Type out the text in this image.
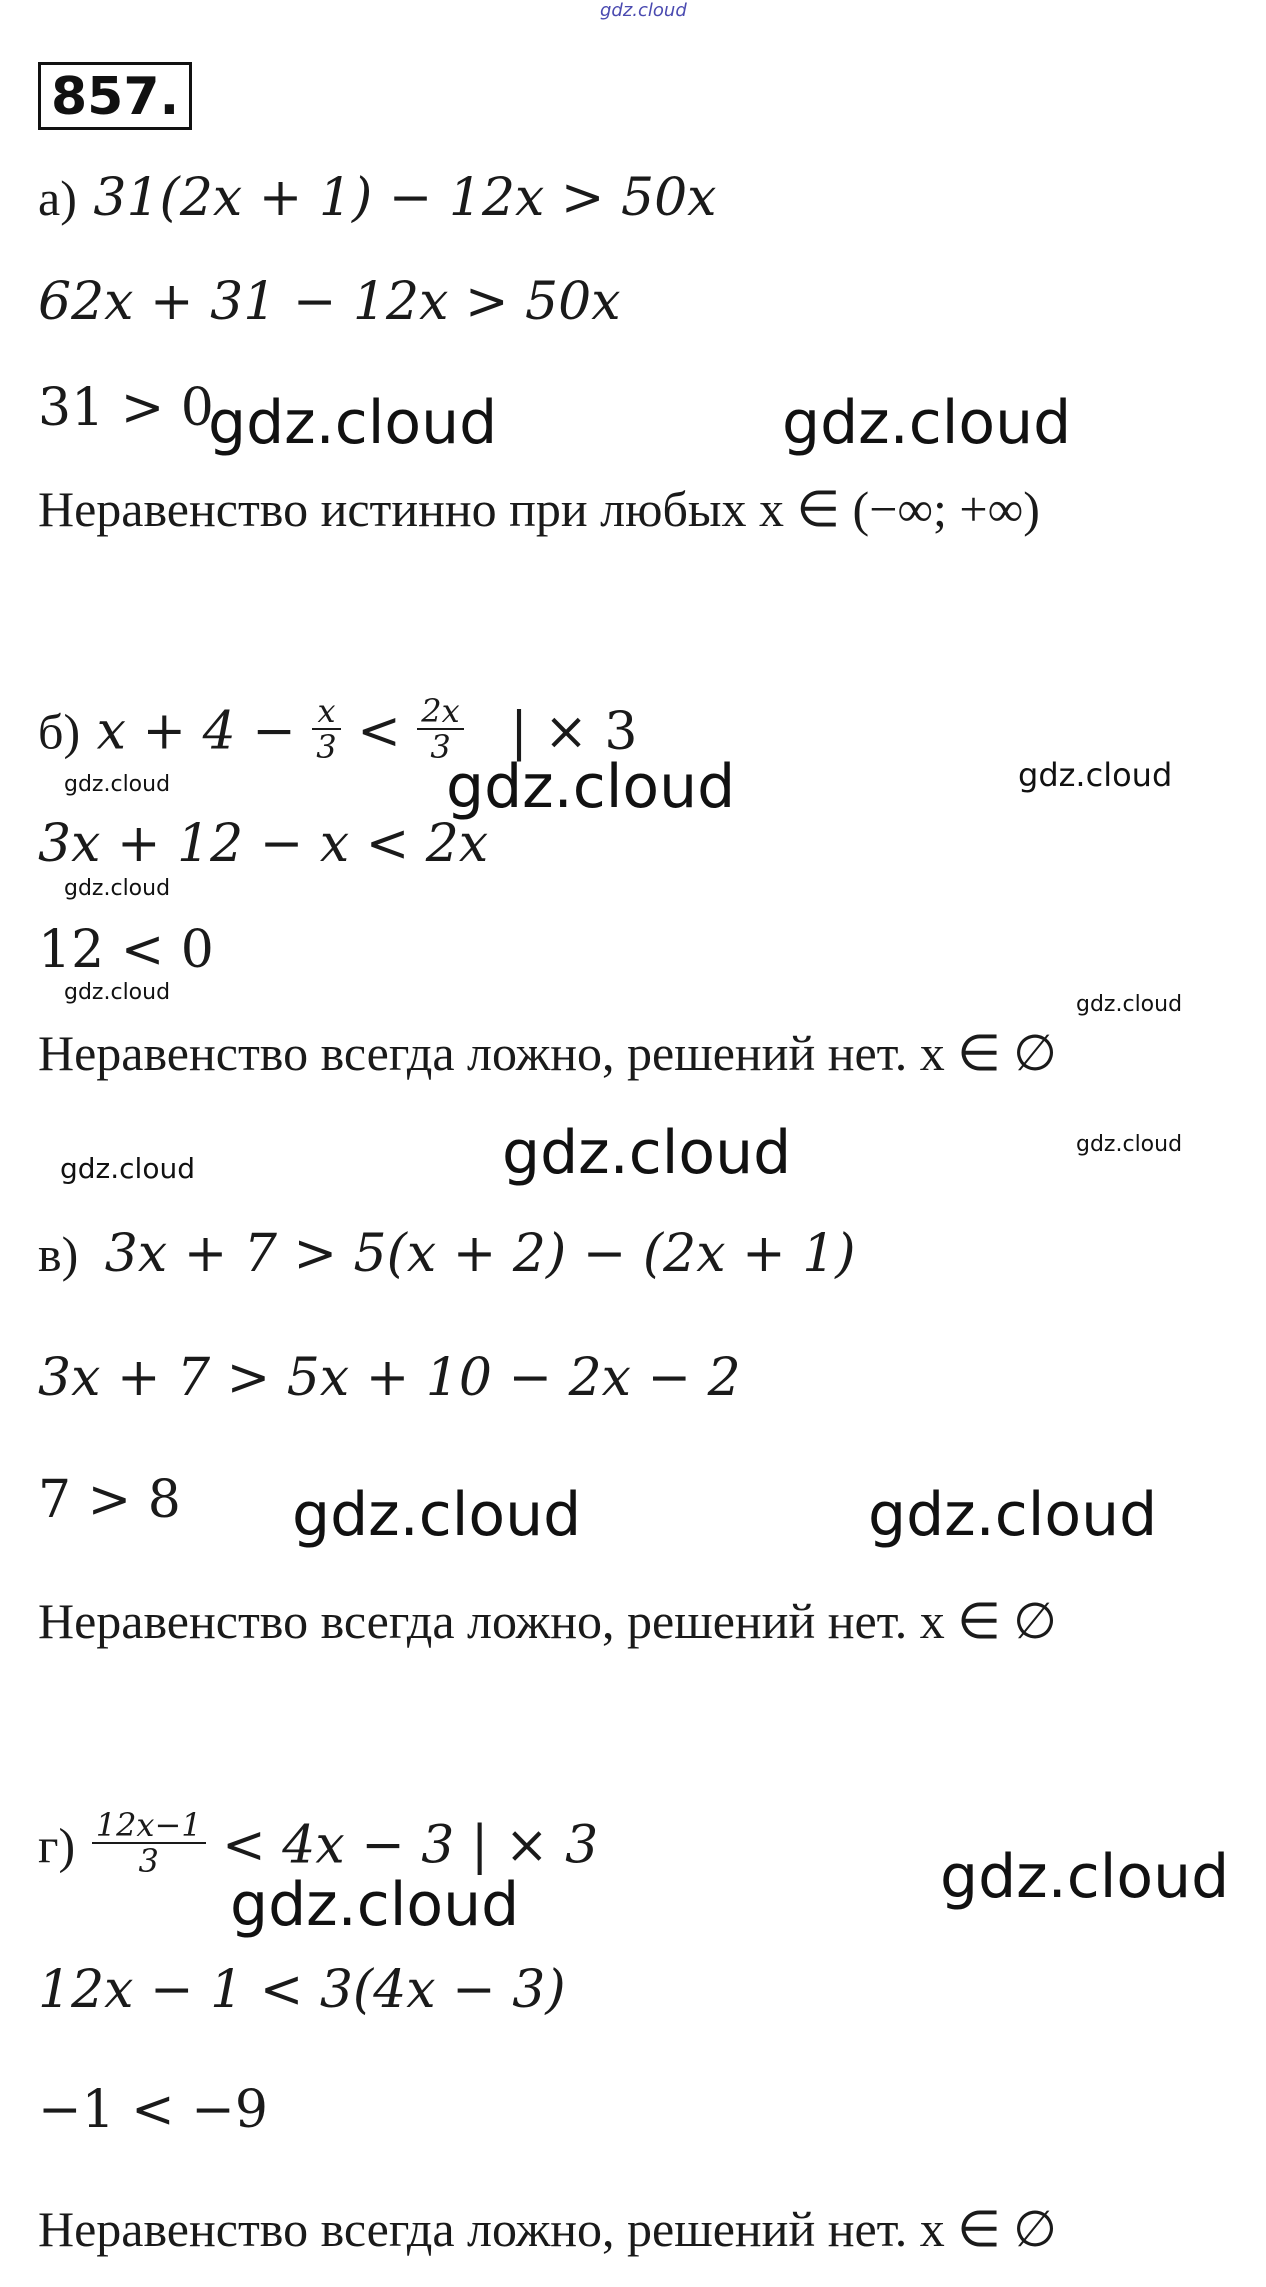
gdz.cloud
857.
а) 31(2x + 1) − 12x > 50x
62x + 31 − 12x > 50x
31 > 0
Неравенство истинно при любых x ∈ (−∞; +∞)
б) $x + 4 - \frac{x}{3} < \frac{2x}{3}$ | × 3
3x + 12 − x < 2x
12 < 0
Неравенство всегда ложно, решений нет. x ∈ ∅
в) 3x + 7 > 5(x + 2) − (2x + 1)
3x + 7 > 5x + 10 − 2x − 2
7 > 8
Неравенство всегда ложно, решений нет. x ∈ ∅
$г) \frac{12x-1}{3} < 4x - 3$ | × 3
12x − 1 < 3(4x − 3)
−1 < −9
Неравенство всегда ложно, решений нет. x ∈ ∅
gdz.cloud	gdz.cloud
gdz.cloud
gdz.cloud
gdz.cloud	gdz.cloud
gdz.cloud
gdz.cloud
gdz.cloud
gdz.cloud
gdz.cloud
gdz.cloud	gdz.cloud
gdz.cloud
gdz.cloud
